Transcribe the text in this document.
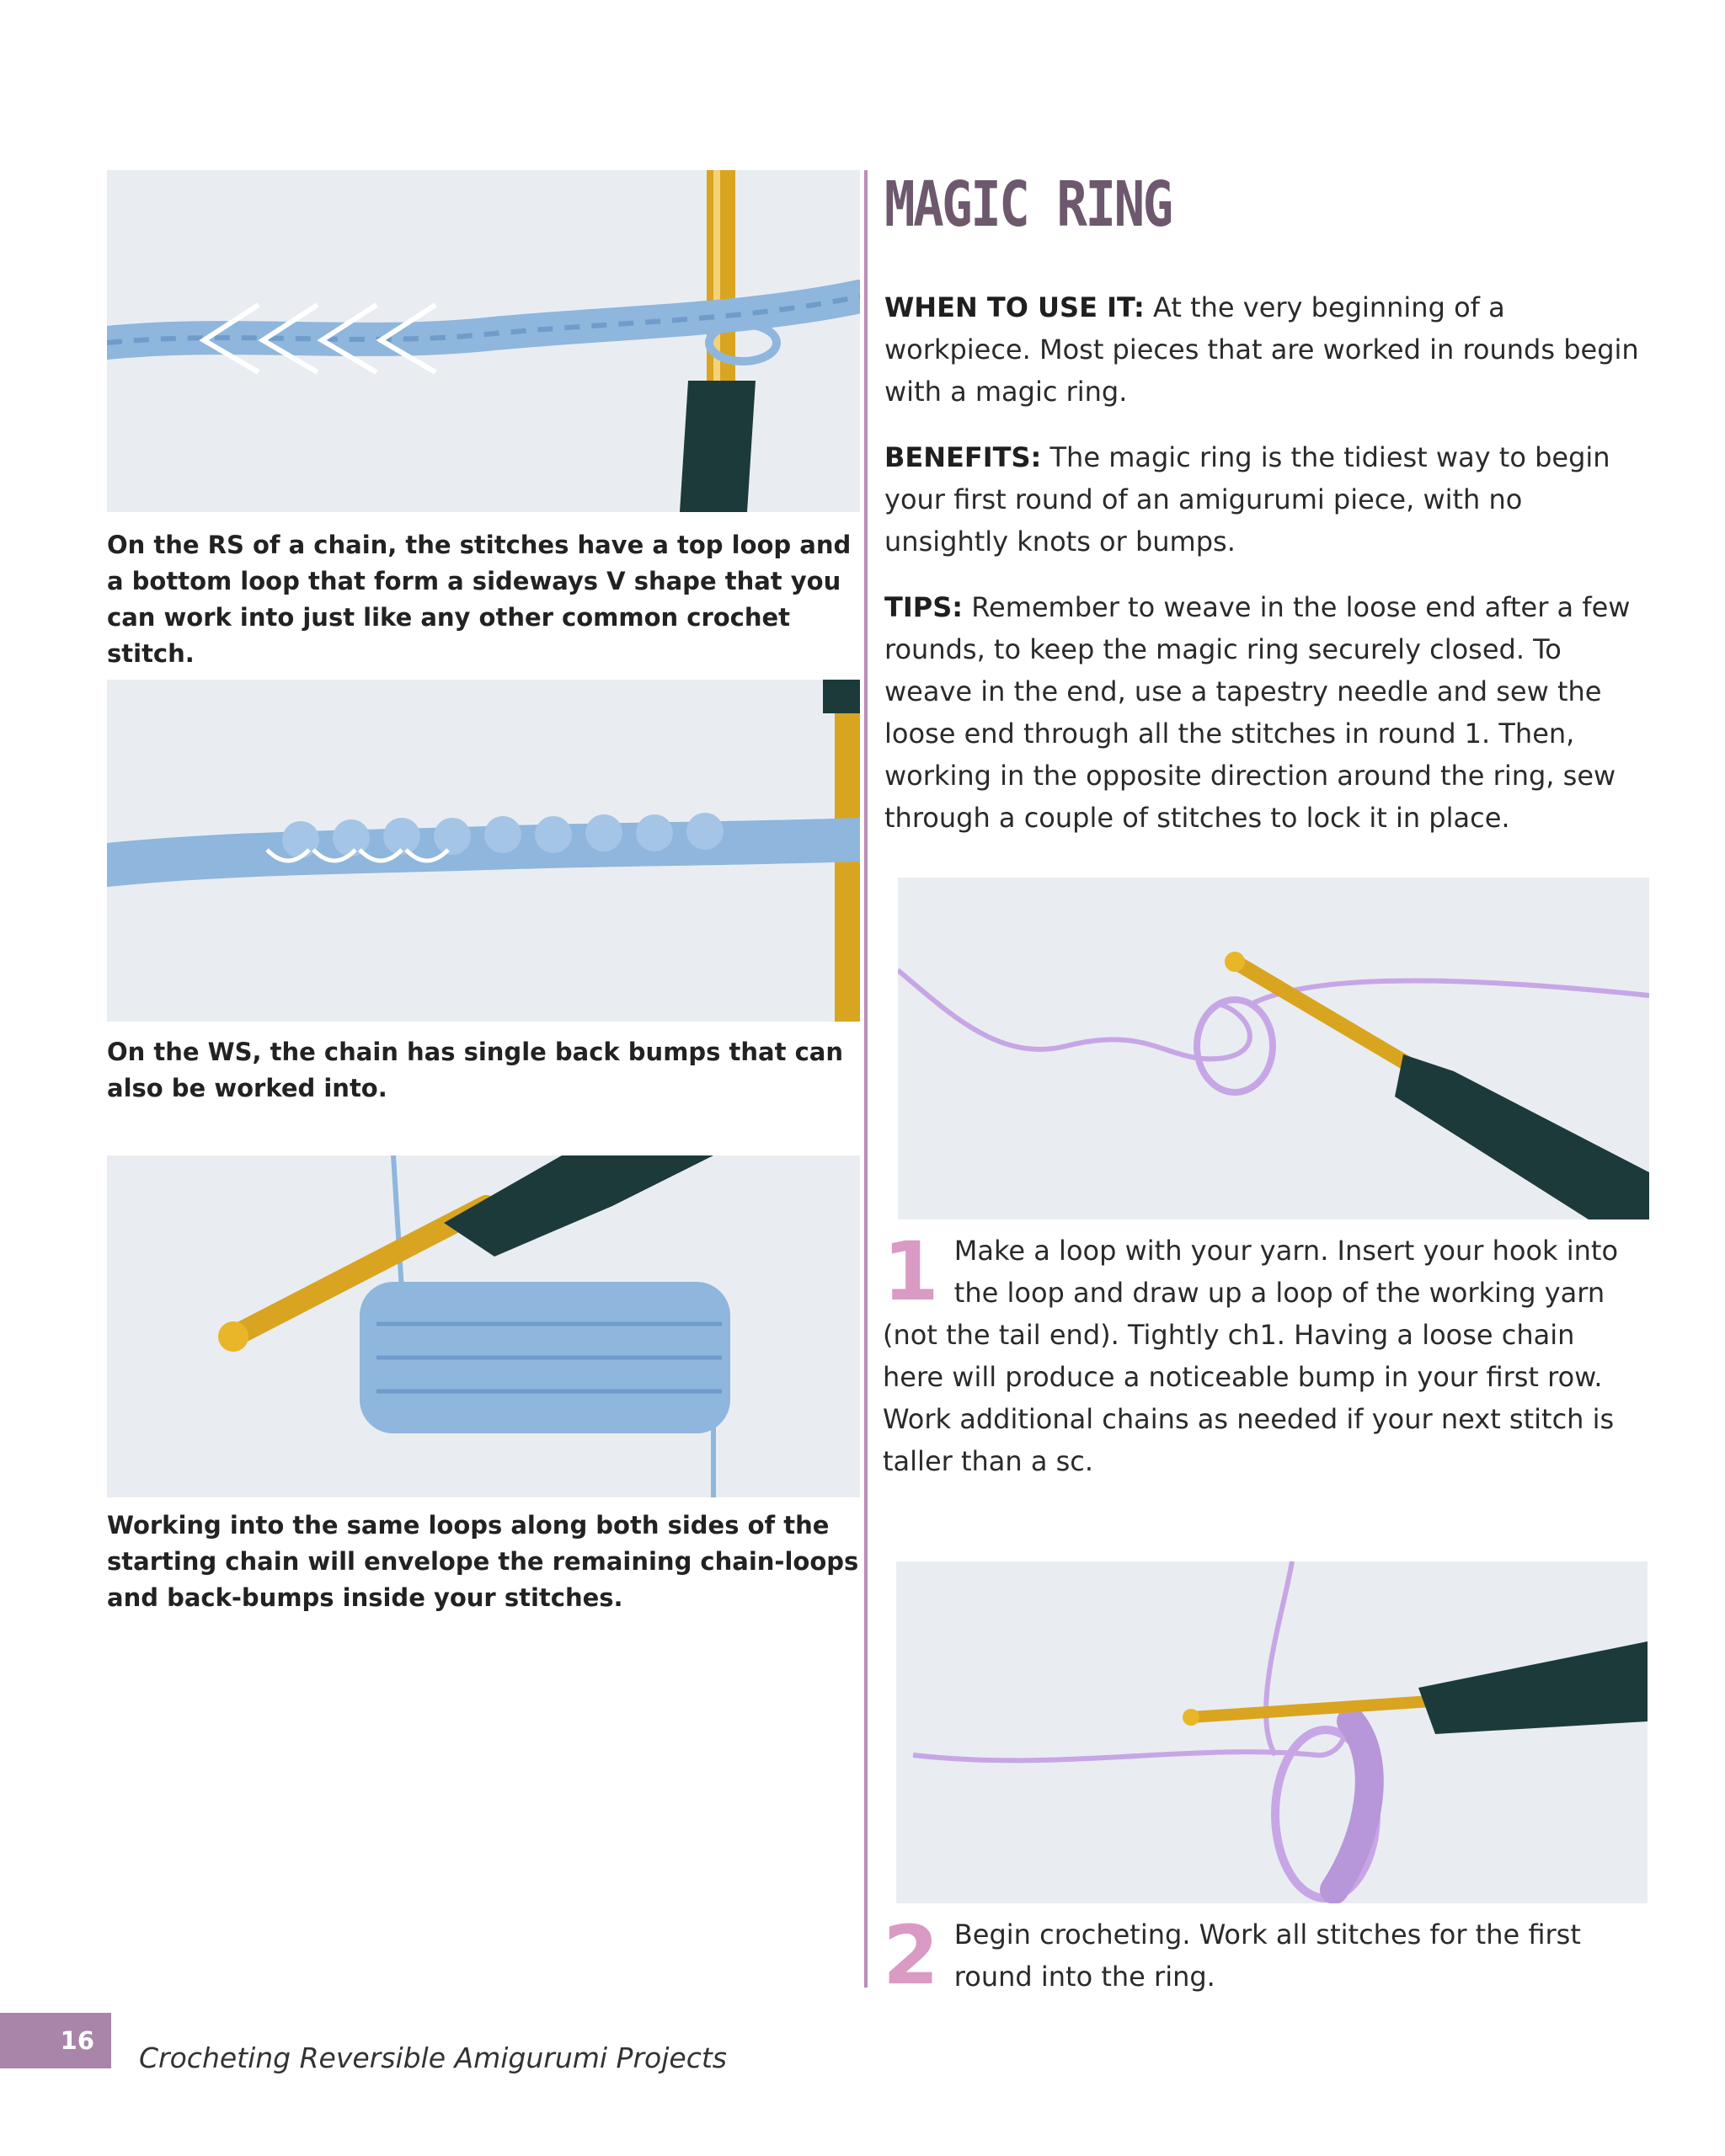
On the RS of a chain, the stitches have a top loop and a bottom loop that form a sideways V shape that you can work into just like any other common crochet stitch.

On the WS, the chain has single back bumps that can also be worked into.

Working into the same loops along both sides of the starting chain will envelope the remaining chain-loops and back-bumps inside your stitches.

MAGIC RING

WHEN TO USE IT: At the very beginning of a workpiece. Most pieces that are worked in rounds begin with a magic ring.

BENEFITS: The magic ring is the tidiest way to begin your first round of an amigurumi piece, with no unsightly knots or bumps.

TIPS: Remember to weave in the loose end after a few rounds, to keep the magic ring securely closed. To weave in the end, use a tapestry needle and sew the loose end through all the stitches in round 1. Then, working in the opposite direction around the ring, sew through a couple of stitches to lock it in place.

1 Make a loop with your yarn. Insert your hook into the loop and draw up a loop of the working yarn (not the tail end). Tightly ch1. Having a loose chain here will produce a noticeable bump in your first row. Work additional chains as needed if your next stitch is taller than a sc.
2 Begin crocheting. Work all stitches for the first round into the ring.
16
Crocheting Reversible Amigurumi Projects
